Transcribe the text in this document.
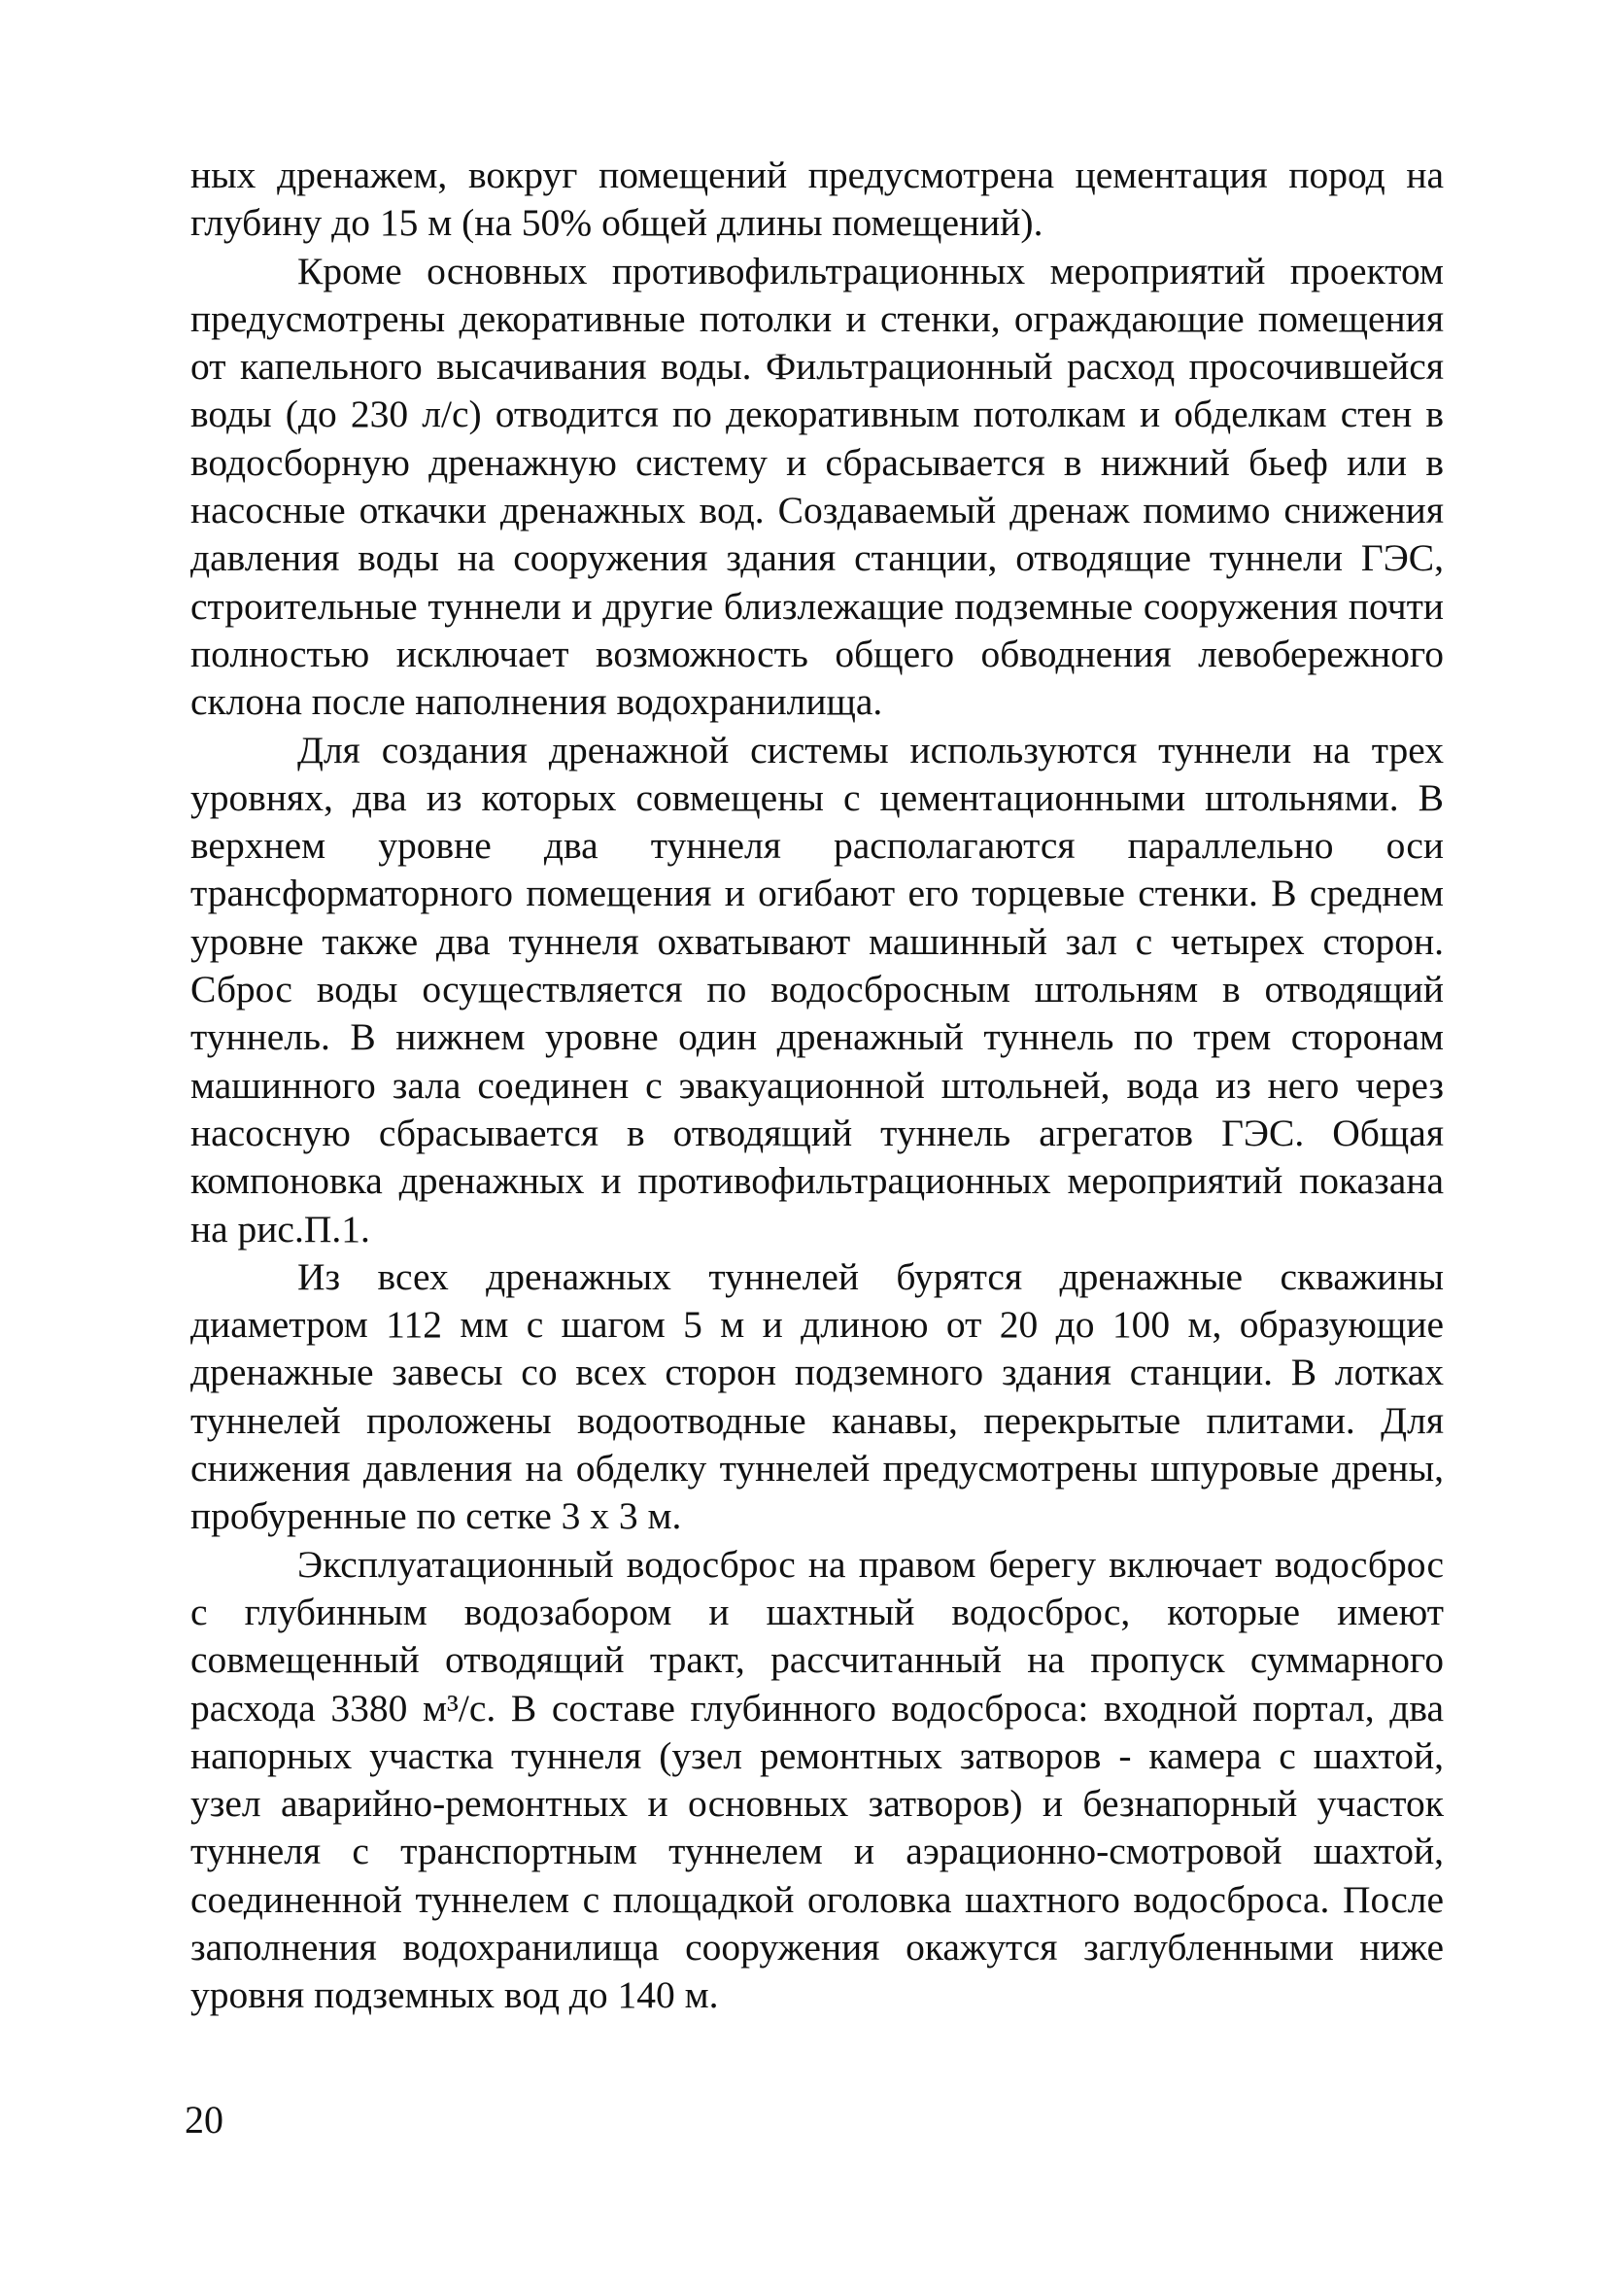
ных дренажем, вокруг помещений предусмотрена цементация пород на глубину до 15 м (на 50% общей длины помещений).

Кроме основных противофильтрационных мероприятий проектом предусмотрены декоративные потолки и стенки, ограждающие помещения от капельного высачивания воды. Фильтрационный расход просочившейся воды (до 230 л/с) отводится по декоративным потолкам и обделкам стен в водосборную дренажную систему и сбрасывается в нижний бьеф или в насосные откачки дренажных вод. Создаваемый дренаж помимо снижения давления воды на сооружения здания станции, отводящие туннели ГЭС, строительные туннели и другие близлежащие подземные сооружения почти полностью исключает возможность общего обводнения левобережного склона после наполнения водохранилища.

Для создания дренажной системы используются туннели на трех уровнях, два из которых совмещены с цементационными штольнями. В верхнем уровне два туннеля располагаются параллельно оси трансформаторного помещения и огибают его торцевые стенки. В среднем уровне также два туннеля охватывают машинный зал с четырех сторон. Сброс воды осуществляется по водосбросным штольням в отводящий туннель. В нижнем уровне один дренажный туннель по трем сторонам машинного зала соединен с эвакуационной штольней, вода из него через насосную сбрасывается в отводящий туннель агрегатов ГЭС. Общая компоновка дренажных и противофильтрационных мероприятий показана на рис.П.1.

Из всех дренажных туннелей бурятся дренажные скважины диаметром 112 мм с шагом 5 м и длиною от 20 до 100 м, образующие дренажные завесы со всех сторон подземного здания станции. В лотках туннелей проложены водоотводные канавы, перекрытые плитами. Для снижения давления на обделку туннелей предусмотрены шпуровые дрены, пробуренные по сетке 3 х 3 м.

Эксплуатационный водосброс на правом берегу включает водосброс с глубинным водозабором и шахтный водосброс, которые имеют совмещенный отводящий тракт, рассчитанный на пропуск суммарного расхода 3380 м³/с. В составе глубинного водосброса: входной портал, два напорных участка туннеля (узел ремонтных затворов - камера с шахтой, узел аварийно-ремонтных и основных затворов) и безнапорный участок туннеля с транспортным туннелем и аэрационно-смотровой шахтой, соединенной туннелем с площадкой оголовка шахтного водосброса. После заполнения водохранилища сооружения окажутся заглубленными ниже уровня подземных вод до 140 м.

20
